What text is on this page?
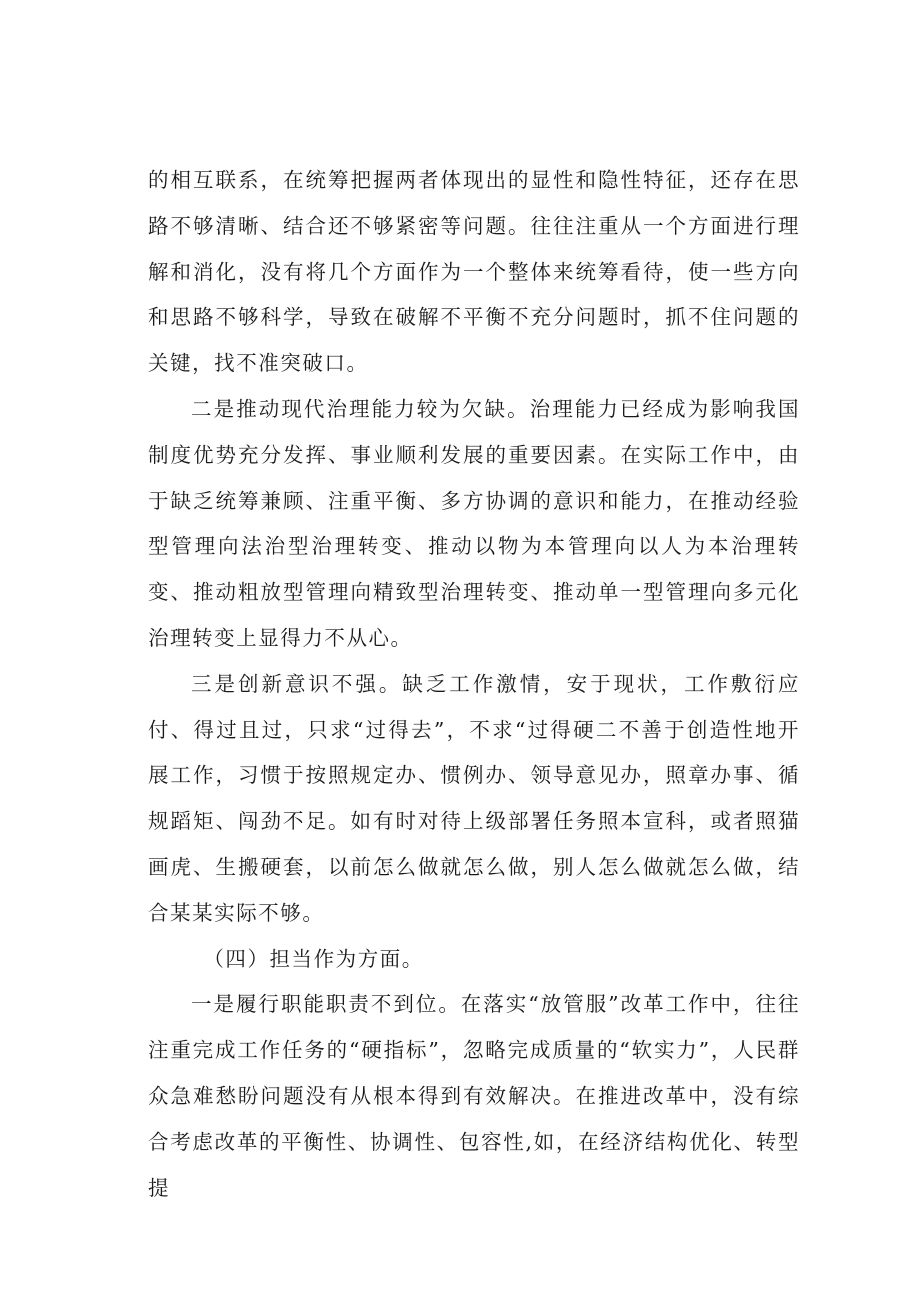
的相互联系，在统筹把握两者体现出的显性和隐性特征，还存在思路不够清晰、结合还不够紧密等问题。往往注重从一个方面进行理解和消化，没有将几个方面作为一个整体来统筹看待，使一些方向和思路不够科学，导致在破解不平衡不充分问题时，抓不住问题的关键，找不准突破口。

二是推动现代治理能力较为欠缺。治理能力已经成为影响我国制度优势充分发挥、事业顺利发展的重要因素。在实际工作中，由于缺乏统筹兼顾、注重平衡、多方协调的意识和能力，在推动经验型管理向法治型治理转变、推动以物为本管理向以人为本治理转变、推动粗放型管理向精致型治理转变、推动单一型管理向多元化治理转变上显得力不从心。

三是创新意识不强。缺乏工作激情，安于现状，工作敷衍应付、得过且过，只求“过得去”，不求“过得硬二不善于创造性地开展工作，习惯于按照规定办、惯例办、领导意见办，照章办事、循规蹈矩、闯劲不足。如有时对待上级部署任务照本宣科，或者照猫画虎、生搬硬套，以前怎么做就怎么做，别人怎么做就怎么做，结合某某实际不够。

（四）担当作为方面。

一是履行职能职责不到位。在落实“放管服”改革工作中，往往注重完成工作任务的“硬指标”，忽略完成质量的“软实力”，人民群众急难愁盼问题没有从根本得到有效解决。在推进改革中，没有综合考虑改革的平衡性、协调性、包容性,如，在经济结构优化、转型提
